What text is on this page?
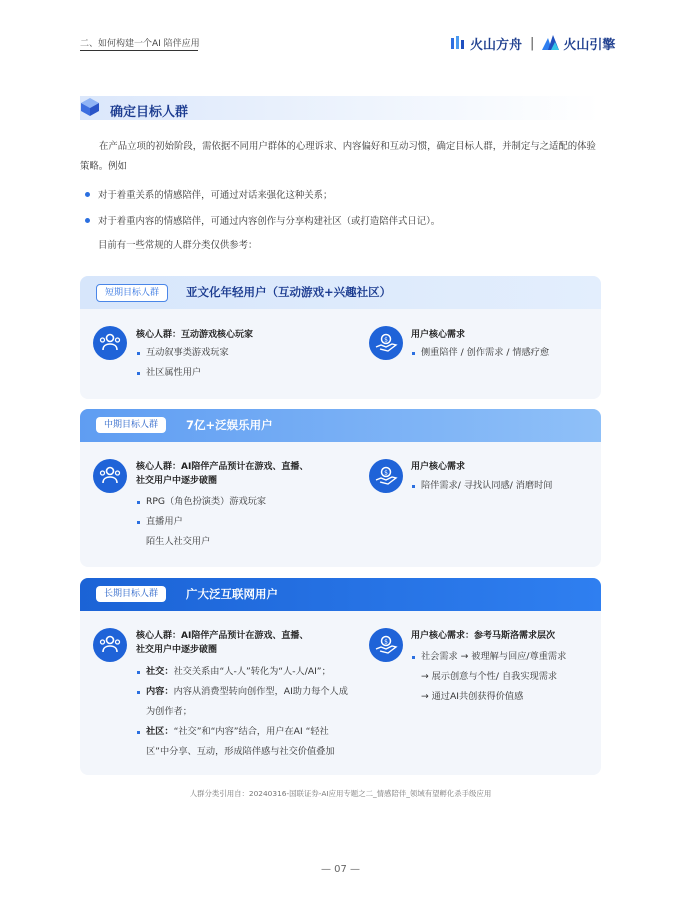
二、如何构建一个AI 陪伴应用	火山方舟 | 火山引擎
确定目标人群
在产品立项的初始阶段，需依据不同用户群体的心理诉求、内容偏好和互动习惯，确定目标人群，并制定与之适配的体验策略。例如
对于着重关系的情感陪伴，可通过对话来强化这种关系；
对于着重内容的情感陪伴，可通过内容创作与分享构建社区（或打造陪伴式日记）。
目前有一些常规的人群分类仅供参考：
短期目标人群	亚文化年轻用户（互动游戏+兴趣社区）
核心人群：互动游戏核心玩家
互动叙事类游戏玩家
社区属性用户
$	用户核心需求
侧重陪伴 / 创作需求 / 情感疗愈
中期目标人群	7亿+泛娱乐用户
核心人群：AI陪伴产品预计在游戏、直播、
社交用户中逐步破圈
RPG（角色扮演类）游戏玩家
直播用户
陌生人社交用户
$
用户核心需求
陪伴需求/ 寻找认同感/ 消磨时间
长期目标人群	广大泛互联网用户
核心人群：AI陪伴产品预计在游戏、直播、
社交用户中逐步破圈
社交：社交关系由“人-人”转化为“人-人/AI”；
内容：内容从消费型转向创作型，AI助力每个人成
为创作者；
社区：“社交”和“内容”结合，用户在AI “轻社
区”中分享、互动，形成陪伴感与社交价值叠加
$
用户核心需求：参考马斯洛需求层次
社会需求 → 被理解与回应/尊重需求
→ 展示创意与个性/ 自我实现需求
→ 通过AI共创获得价值感
人群分类引用自：20240316-国联证券-AI应用专题之二_情感陪伴_领域有望孵化杀手级应用
— 07 —
